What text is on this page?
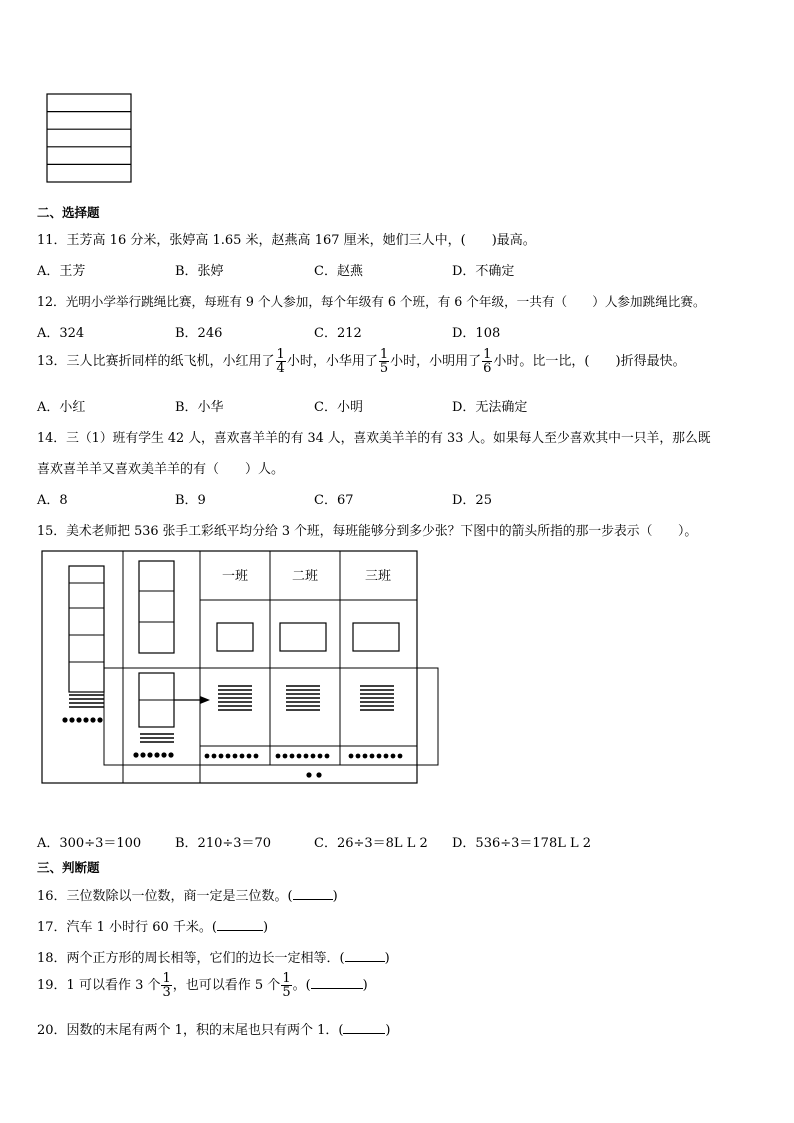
二、选择题
11．王芳高 16 分米，张婷高 1.65 米，赵燕高 167 厘米，她们三人中，(　　)最高。
A．王芳	B．张婷	C．赵燕	D．不确定
12．光明小学举行跳绳比赛，每班有 9 个人参加，每个年级有 6 个班，有 6 个年级，一共有（　　）人参加跳绳比赛。
A．324	B．246	C．212	D．108
13．三人比赛折同样的纸飞机，小红用了 $\frac{1}{4}$ 小时，小华用了 $\frac{1}{5}$ 小时，小明用了 $\frac{1}{6}$ 小时。比一比，(　　)折得最快。
A．小红	B．小华	C．小明	D．无法确定
14．三（1）班有学生 42 人，喜欢喜羊羊的有 34 人，喜欢美羊羊的有 33 人。如果每人至少喜欢其中一只羊，那么既
喜欢喜羊羊又喜欢美羊羊的有（　　）人。
A．8	B．9	C．67	D．25
15．美术老师把 536 张手工彩纸平均分给 3 个班，每班能够分到多少张？下图中的箭头所指的那一步表示（　　）。
一班	二班	三班
A．300÷3＝100	B．210÷3＝70	C．26÷3＝8L L 2 D．536÷3＝178L L 2
三、判断题
16．三位数除以一位数，商一定是三位数。(	)
17．汽车 1 小时行 60 千米。(	)
18．两个正方形的周长相等，它们的边长一定相等．(	)
19．1 可以看作 3 个 $\frac{1}{3}$ ，也可以看作 5 个 $\frac{1}{5}$ 。(	)
20．因数的末尾有两个 1，积的末尾也只有两个 1．(	)
